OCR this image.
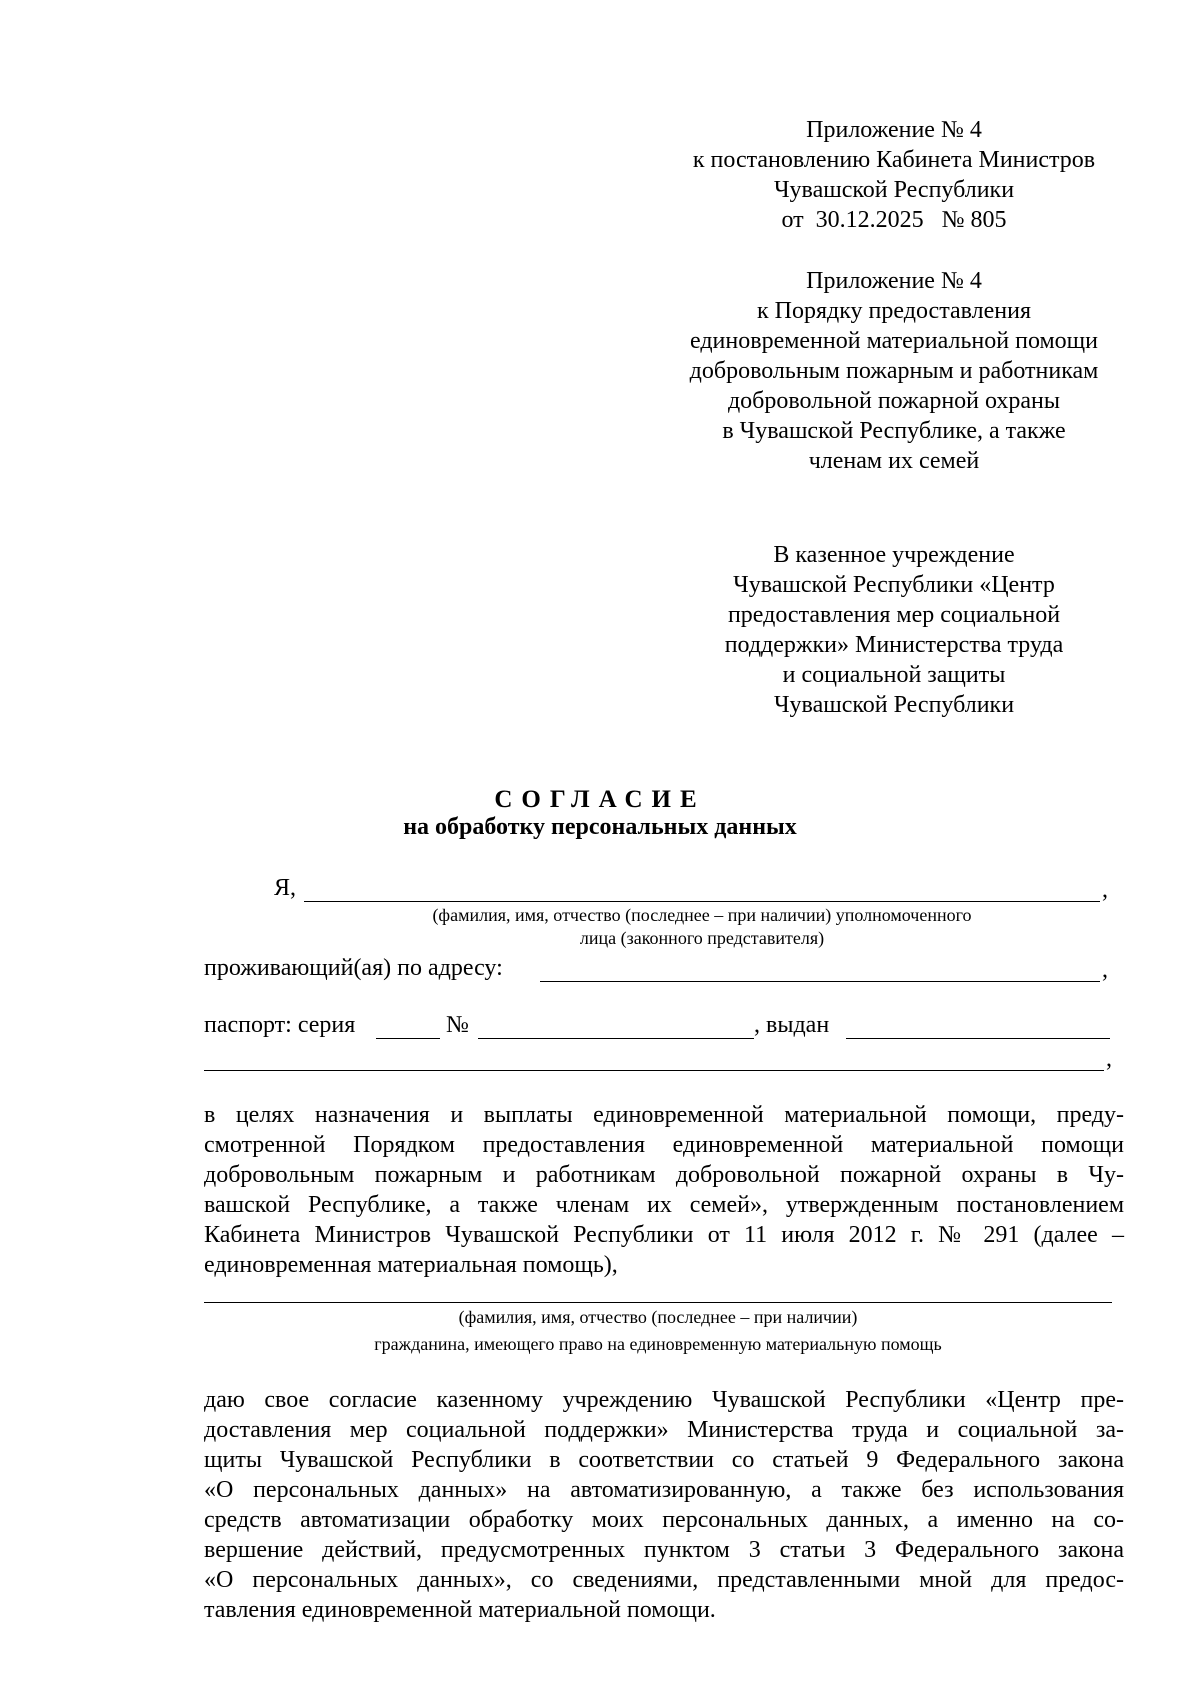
Приложение № 4
к постановлению Кабинета Министров
Чувашской Республики
от  30.12.2025   № 805
Приложение № 4
к Порядку предоставления
единовременной материальной помощи
добровольным пожарным и работникам
добровольной пожарной охраны
в Чувашской Республике, а также
членам их семей
В казенное учреждение
Чувашской Республики «Центр
предоставления мер социальной
поддержки» Министерства труда
и социальной защиты
Чувашской Республики
СОГЛАСИЕ
на обработку персональных данных
Я,	,
(фамилия, имя, отчество (последнее – при наличии) уполномоченного
лица (законного представителя)
проживающий(ая) по адресу:	,
паспорт: серия	№	, выдан
,
в целях назначения и выплаты единовременной материальной помощи, преду-
смотренной Порядком предоставления единовременной материальной помощи
добровольным пожарным и работникам добровольной пожарной охраны в Чу-
вашской Республике, а также членам их семей», утвержденным постановлением
Кабинета Министров Чувашской Республики от 11 июля 2012 г. № 291 (далее –
единовременная материальная помощь),
(фамилия, имя, отчество (последнее – при наличии)
гражданина, имеющего право на единовременную материальную помощь
даю свое согласие казенному учреждению Чувашской Республики «Центр пре-
доставления мер социальной поддержки» Министерства труда и социальной за-
щиты Чувашской Республики в соответствии со статьей 9 Федерального закона
«О персональных данных» на автоматизированную, а также без использования
средств автоматизации обработку моих персональных данных, а именно на со-
вершение действий, предусмотренных пунктом 3 статьи 3 Федерального закона
«О персональных данных», со сведениями, представленными мной для предос-
тавления единовременной материальной помощи.
